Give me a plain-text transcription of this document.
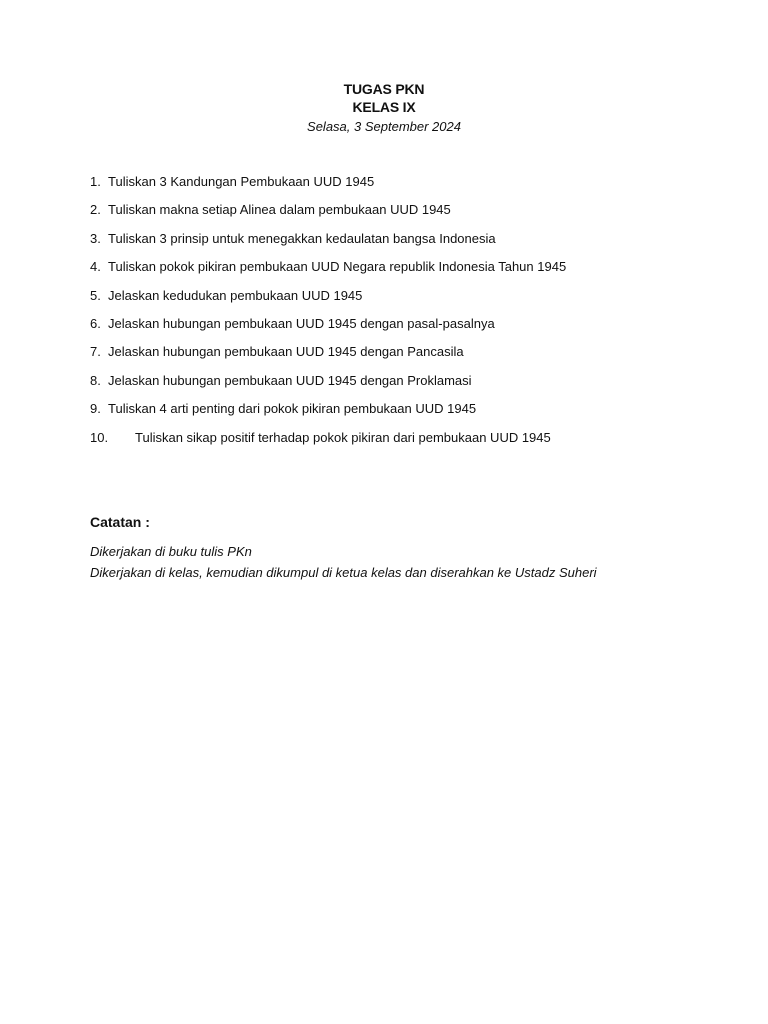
TUGAS PKN
KELAS IX
Selasa, 3 September 2024
1. Tuliskan 3 Kandungan Pembukaan UUD 1945
2. Tuliskan makna setiap Alinea dalam pembukaan UUD 1945
3. Tuliskan 3 prinsip untuk menegakkan kedaulatan bangsa Indonesia
4. Tuliskan pokok pikiran pembukaan UUD Negara republik Indonesia Tahun 1945
5. Jelaskan kedudukan pembukaan UUD 1945
6. Jelaskan hubungan pembukaan UUD 1945 dengan pasal-pasalnya
7. Jelaskan hubungan pembukaan UUD 1945 dengan Pancasila
8. Jelaskan hubungan pembukaan UUD 1945 dengan Proklamasi
9. Tuliskan 4 arti penting dari pokok pikiran pembukaan UUD 1945
10.	Tuliskan sikap positif terhadap pokok pikiran dari pembukaan UUD 1945
Catatan :
Dikerjakan di buku tulis PKn
Dikerjakan di kelas, kemudian dikumpul di ketua kelas dan diserahkan ke Ustadz Suheri
